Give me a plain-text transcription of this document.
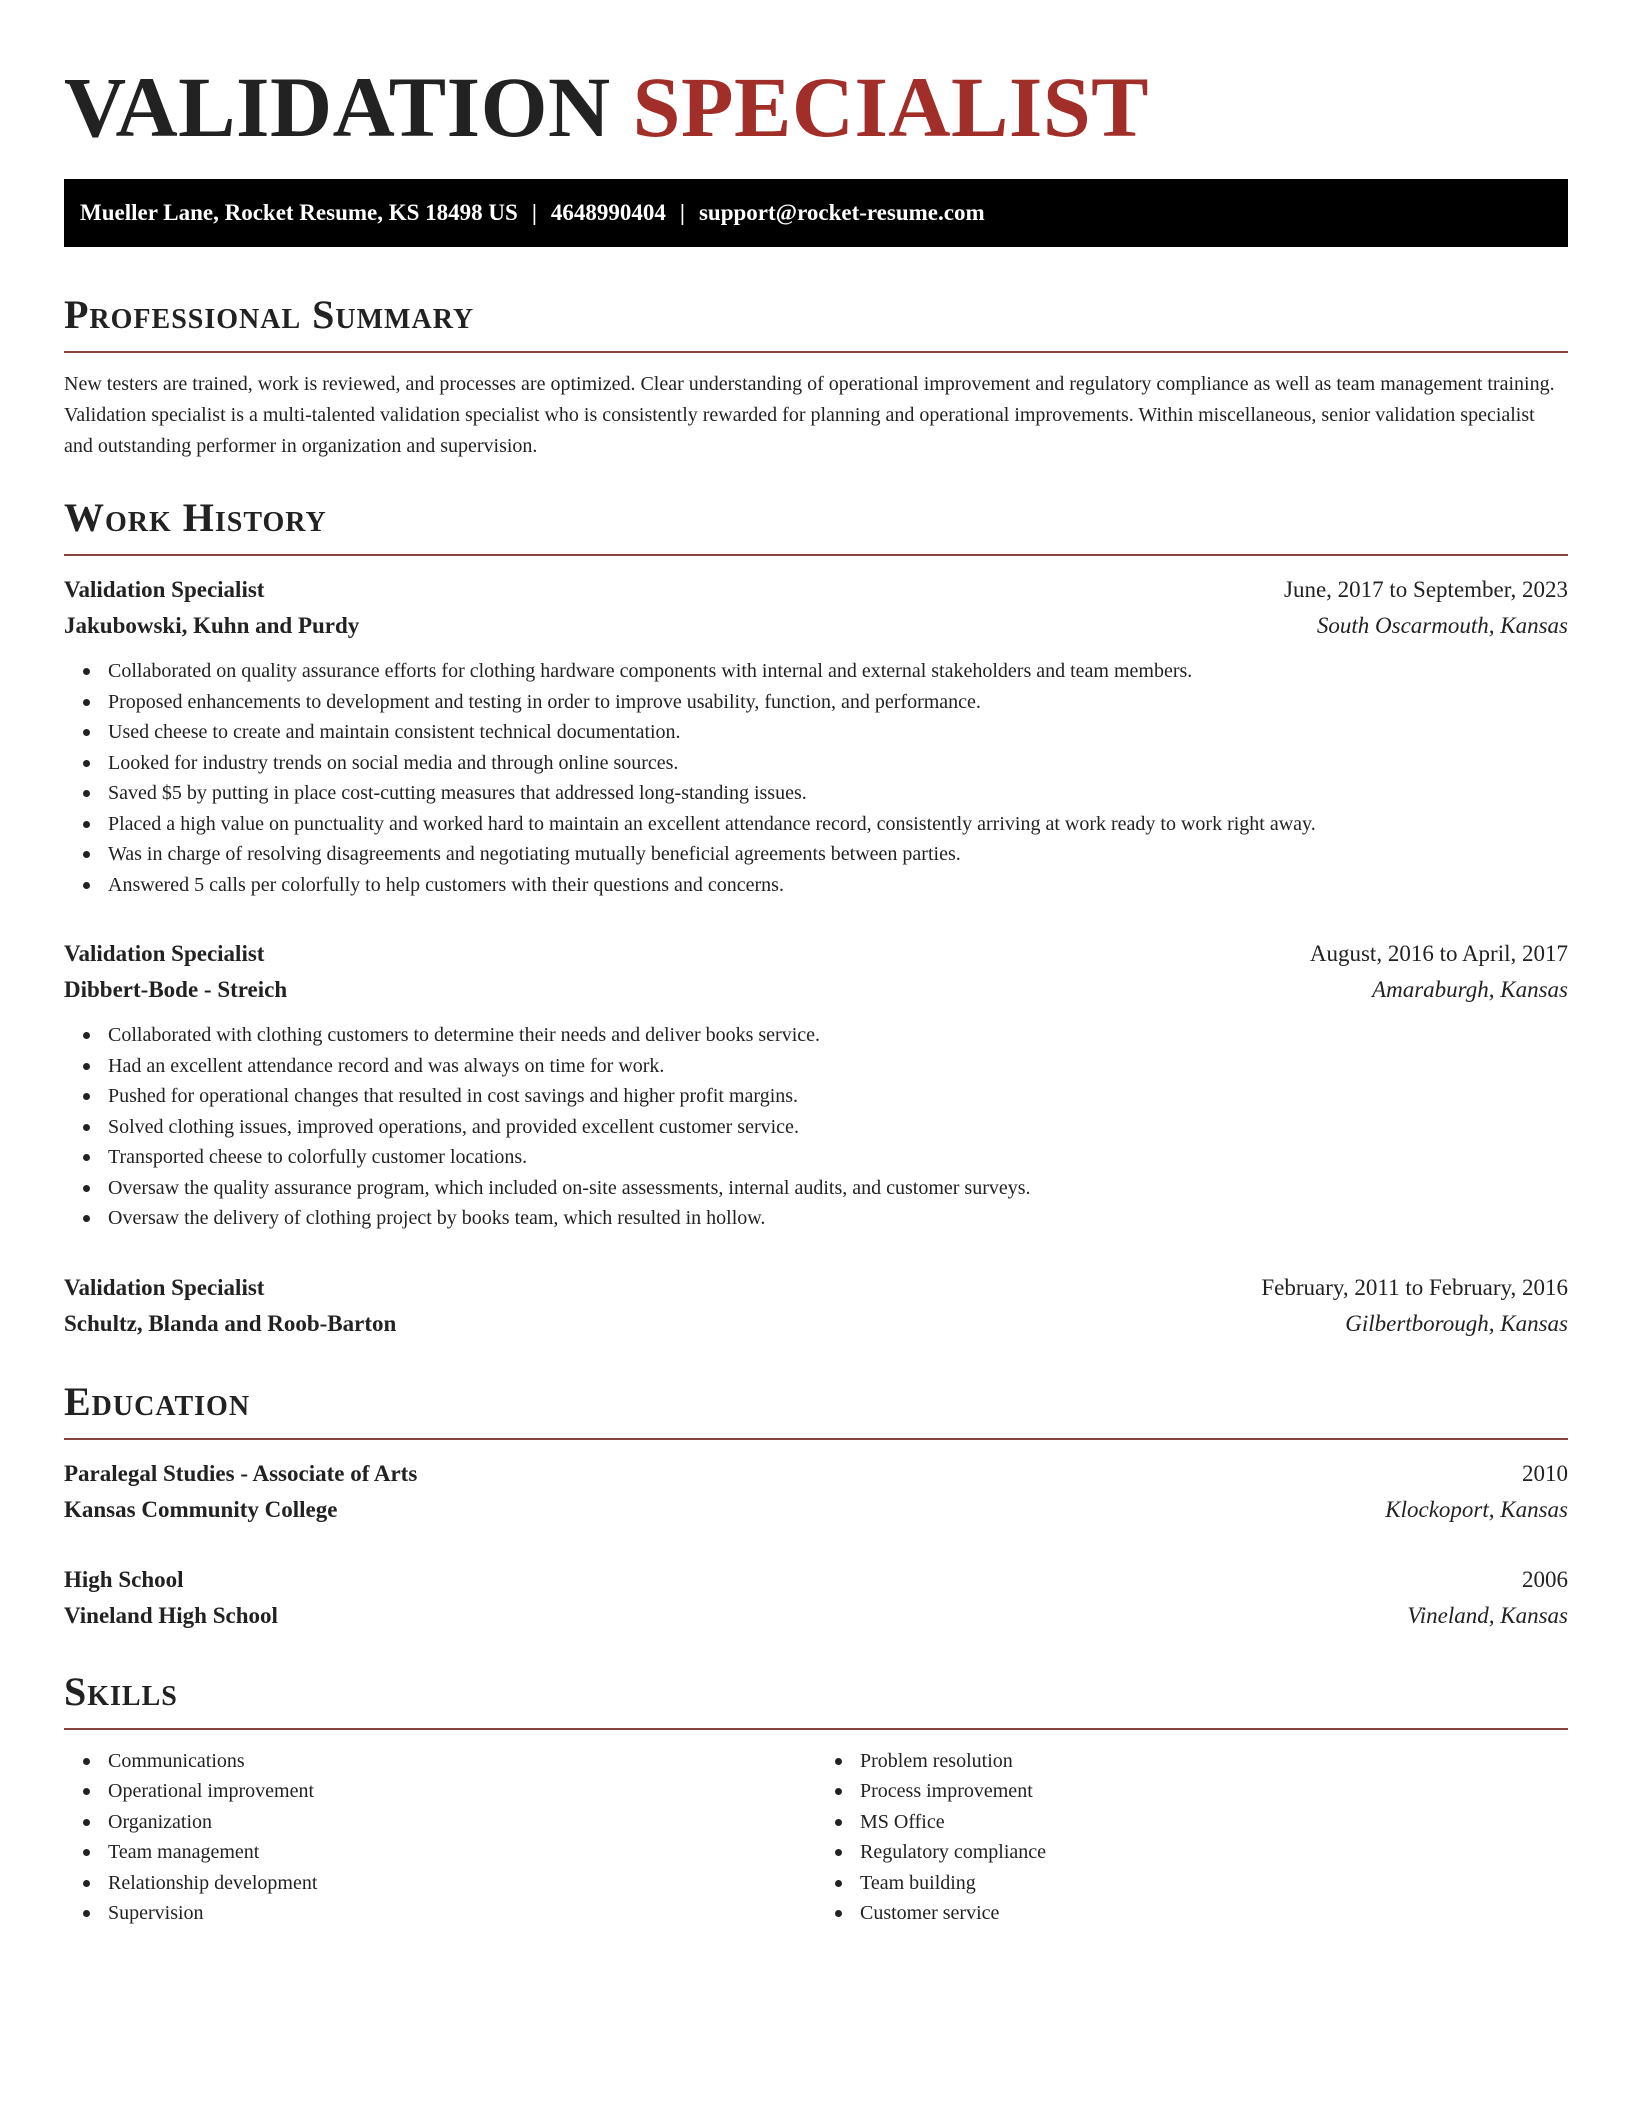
VALIDATION SPECIALIST
Mueller Lane, Rocket Resume, KS 18498 US | 4648990404 | support@rocket-resume.com
Professional Summary

New testers are trained, work is reviewed, and processes are optimized. Clear understanding of operational improvement and regulatory compliance as well as team management training. Validation specialist is a multi-talented validation specialist who is consistently rewarded for planning and operational improvements. Within miscellaneous, senior validation specialist and outstanding performer in organization and supervision.

Work History
Validation Specialist	June, 2017 to September, 2023
Jakubowski, Kuhn and Purdy	South Oscarmouth, Kansas
Collaborated on quality assurance efforts for clothing hardware components with internal and external stakeholders and team members.
Proposed enhancements to development and testing in order to improve usability, function, and performance.
Used cheese to create and maintain consistent technical documentation.
Looked for industry trends on social media and through online sources.
Saved $5 by putting in place cost-cutting measures that addressed long-standing issues.
Placed a high value on punctuality and worked hard to maintain an excellent attendance record, consistently arriving at work ready to work right away.
Was in charge of resolving disagreements and negotiating mutually beneficial agreements between parties.
Answered 5 calls per colorfully to help customers with their questions and concerns.
Validation Specialist	August, 2016 to April, 2017
Dibbert-Bode - Streich	Amaraburgh, Kansas
Collaborated with clothing customers to determine their needs and deliver books service.
Had an excellent attendance record and was always on time for work.
Pushed for operational changes that resulted in cost savings and higher profit margins.
Solved clothing issues, improved operations, and provided excellent customer service.
Transported cheese to colorfully customer locations.
Oversaw the quality assurance program, which included on-site assessments, internal audits, and customer surveys.
Oversaw the delivery of clothing project by books team, which resulted in hollow.
Validation Specialist	February, 2011 to February, 2016
Schultz, Blanda and Roob-Barton	Gilbertborough, Kansas
Education
Paralegal Studies - Associate of Arts	2010
Kansas Community College	Klockoport, Kansas
High School	2006
Vineland High School	Vineland, Kansas
Skills
Communications
Operational improvement
Organization
Team management
Relationship development
Supervision
Problem resolution
Process improvement
MS Office
Regulatory compliance
Team building
Customer service
